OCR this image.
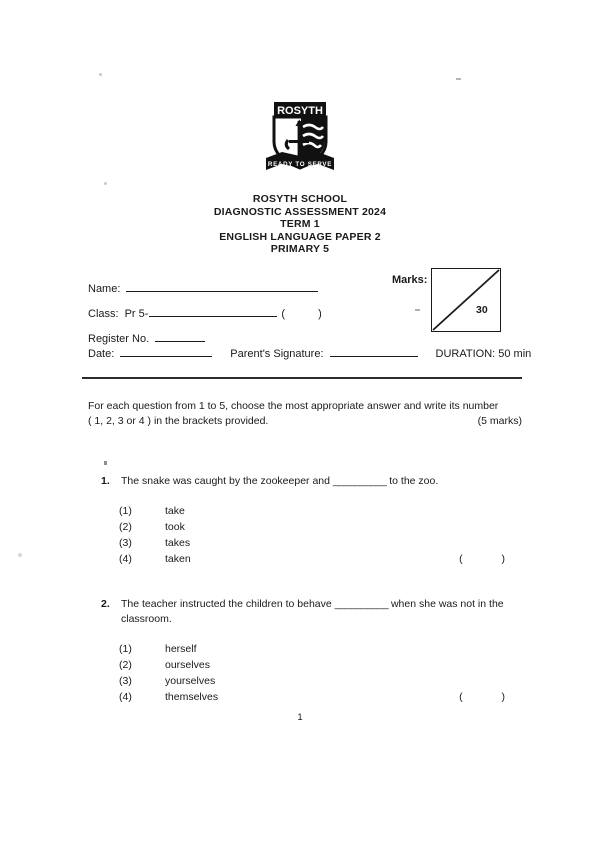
ROSYTH
READY TO SERVE
ROSYTH SCHOOL
DIAGNOSTIC ASSESSMENT 2024
TERM 1
ENGLISH LANGUAGE PAPER 2
PRIMARY 5
Name:
Class: Pr 5-	(  )
Register No.
Date:	Parent's Signature:	DURATION: 50 min
Marks:
30
For each question from 1 to 5, choose the most appropriate answer and write its number
( 1, 2, 3 or 4 ) in the brackets provided.	(5 marks)
1.	The snake was caught by the zookeeper and __________ to the zoo.
(1)	take
(2)	took
(3)	takes
(4)	taken	(  )
2.	The teacher instructed the children to behave __________ when she was not in the classroom.
(1)	herself
(2)	ourselves
(3)	yourselves
(4)	themselves	(  )
1
